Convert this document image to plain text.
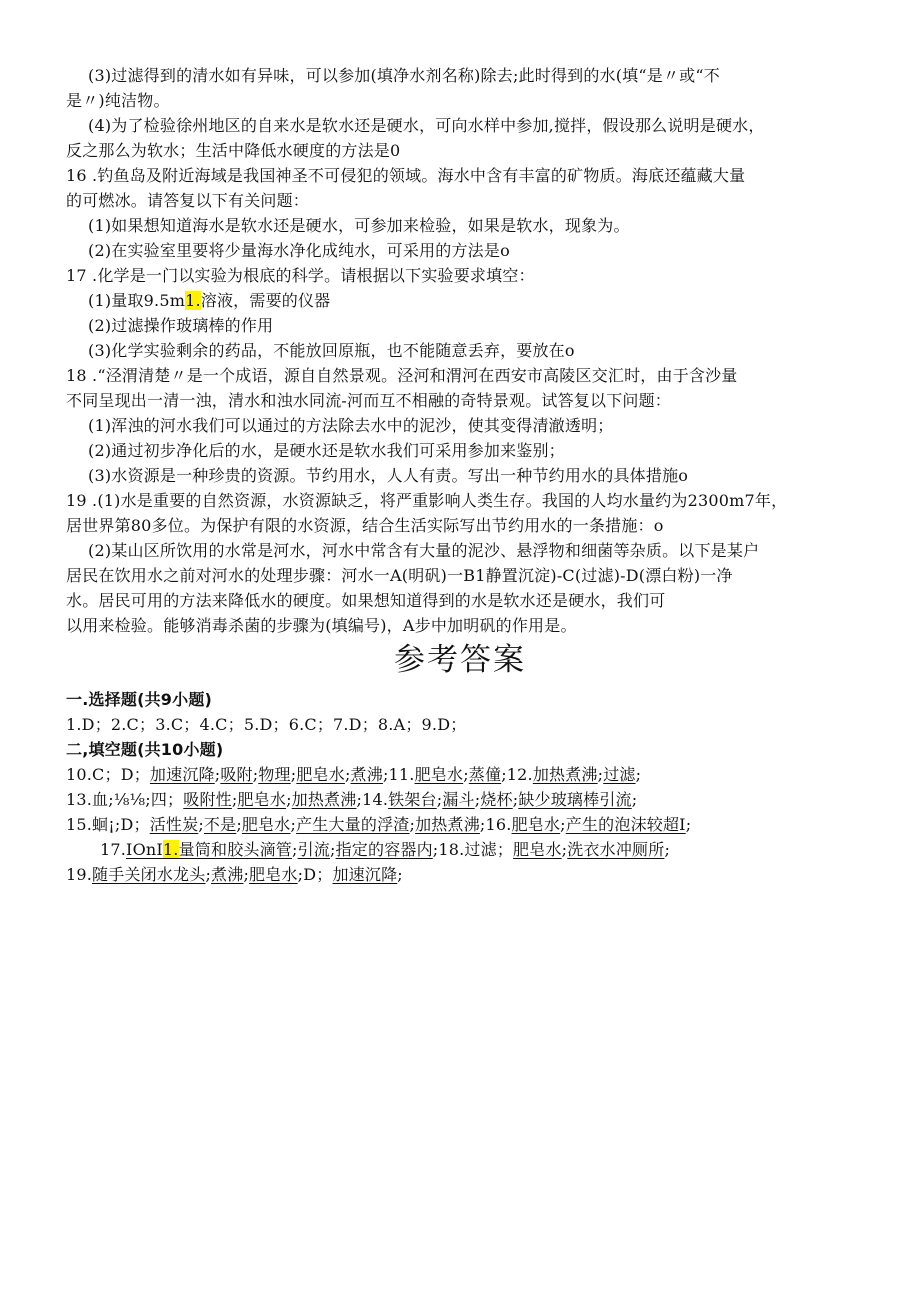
(3)过滤得到的清水如有异味，可以参加(填净水剂名称)除去;此时得到的水(填“是〃或“不
是〃)纯洁物。
(4)为了检验徐州地区的自来水是软水还是硬水，可向水样中参加,搅拌，假设那么说明是硬水，
反之那么为软水；生活中降低水硬度的方法是0
16 .钓鱼岛及附近海域是我国神圣不可侵犯的领域。海水中含有丰富的矿物质。海底还蕴藏大量
的可燃冰。请答复以下有关问题：
(1)如果想知道海水是软水还是硬水，可参加来检验，如果是软水，现象为。
(2)在实验室里要将少量海水净化成纯水，可采用的方法是o
17 .化学是一门以实验为根底的科学。请根据以下实验要求填空：
(1)量取9.5m1.溶液，需要的仪器
(2)过滤操作玻璃棒的作用
(3)化学实验剩余的药品，不能放回原瓶，也不能随意丢弃，要放在o
18 .“泾渭清楚〃是一个成语，源自自然景观。泾河和渭河在西安市高陵区交汇时，由于含沙量
不同呈现出一清一浊，清水和浊水同流-河而互不相融的奇特景观。试答复以下问题：
(1)浑浊的河水我们可以通过的方法除去水中的泥沙，使其变得清澈透明；
(2)通过初步净化后的水，是硬水还是软水我们可采用参加来鉴别；
(3)水资源是一种珍贵的资源。节约用水，人人有责。写出一种节约用水的具体措施o
19 .(1)水是重要的自然资源，水资源缺乏，将严重影响人类生存。我国的人均水量约为2300m7年，
居世界第80多位。为保护有限的水资源，结合生活实际写出节约用水的一条措施：o
(2)某山区所饮用的水常是河水，河水中常含有大量的泥沙、悬浮物和细菌等杂质。以下是某户
居民在饮用水之前对河水的处理步骤：河水一A(明矾)一B1静置沉淀)-C(过滤)-D(漂白粉)一净
水。居民可用的方法来降低水的硬度。如果想知道得到的水是软水还是硬水，我们可
以用来检验。能够消毒杀菌的步骤为(填编号)，A步中加明矾的作用是。
参考答案
一.选择题(共9小题)
1.D；2.C；3.C；4.C；5.D；6.C；7.D；8.A；9.D；
二,填空题(共10小题)
10.C；D；加速沉降;吸附;物理;肥皂水;煮沸;11.肥皂水;蒸僮;12.加热煮沸;过滤;
13.血;⅛⅛;四；吸附性;肥皂水;加热煮沸;14.铁架台;漏斗;烧杯;缺少玻璃棒引流;
15.蛔¡;D；活性炭;不是;肥皂水;产生大量的浮渣;加热煮沸;16.肥皂水;产生的泡沫较超I;
17.IOnI1.量筒和胶头滴管;引流;指定的容器内;18.过滤；肥皂水;洗衣水冲厕所;
19.随手关闭水龙头;煮沸;肥皂水;D；加速沉降;
